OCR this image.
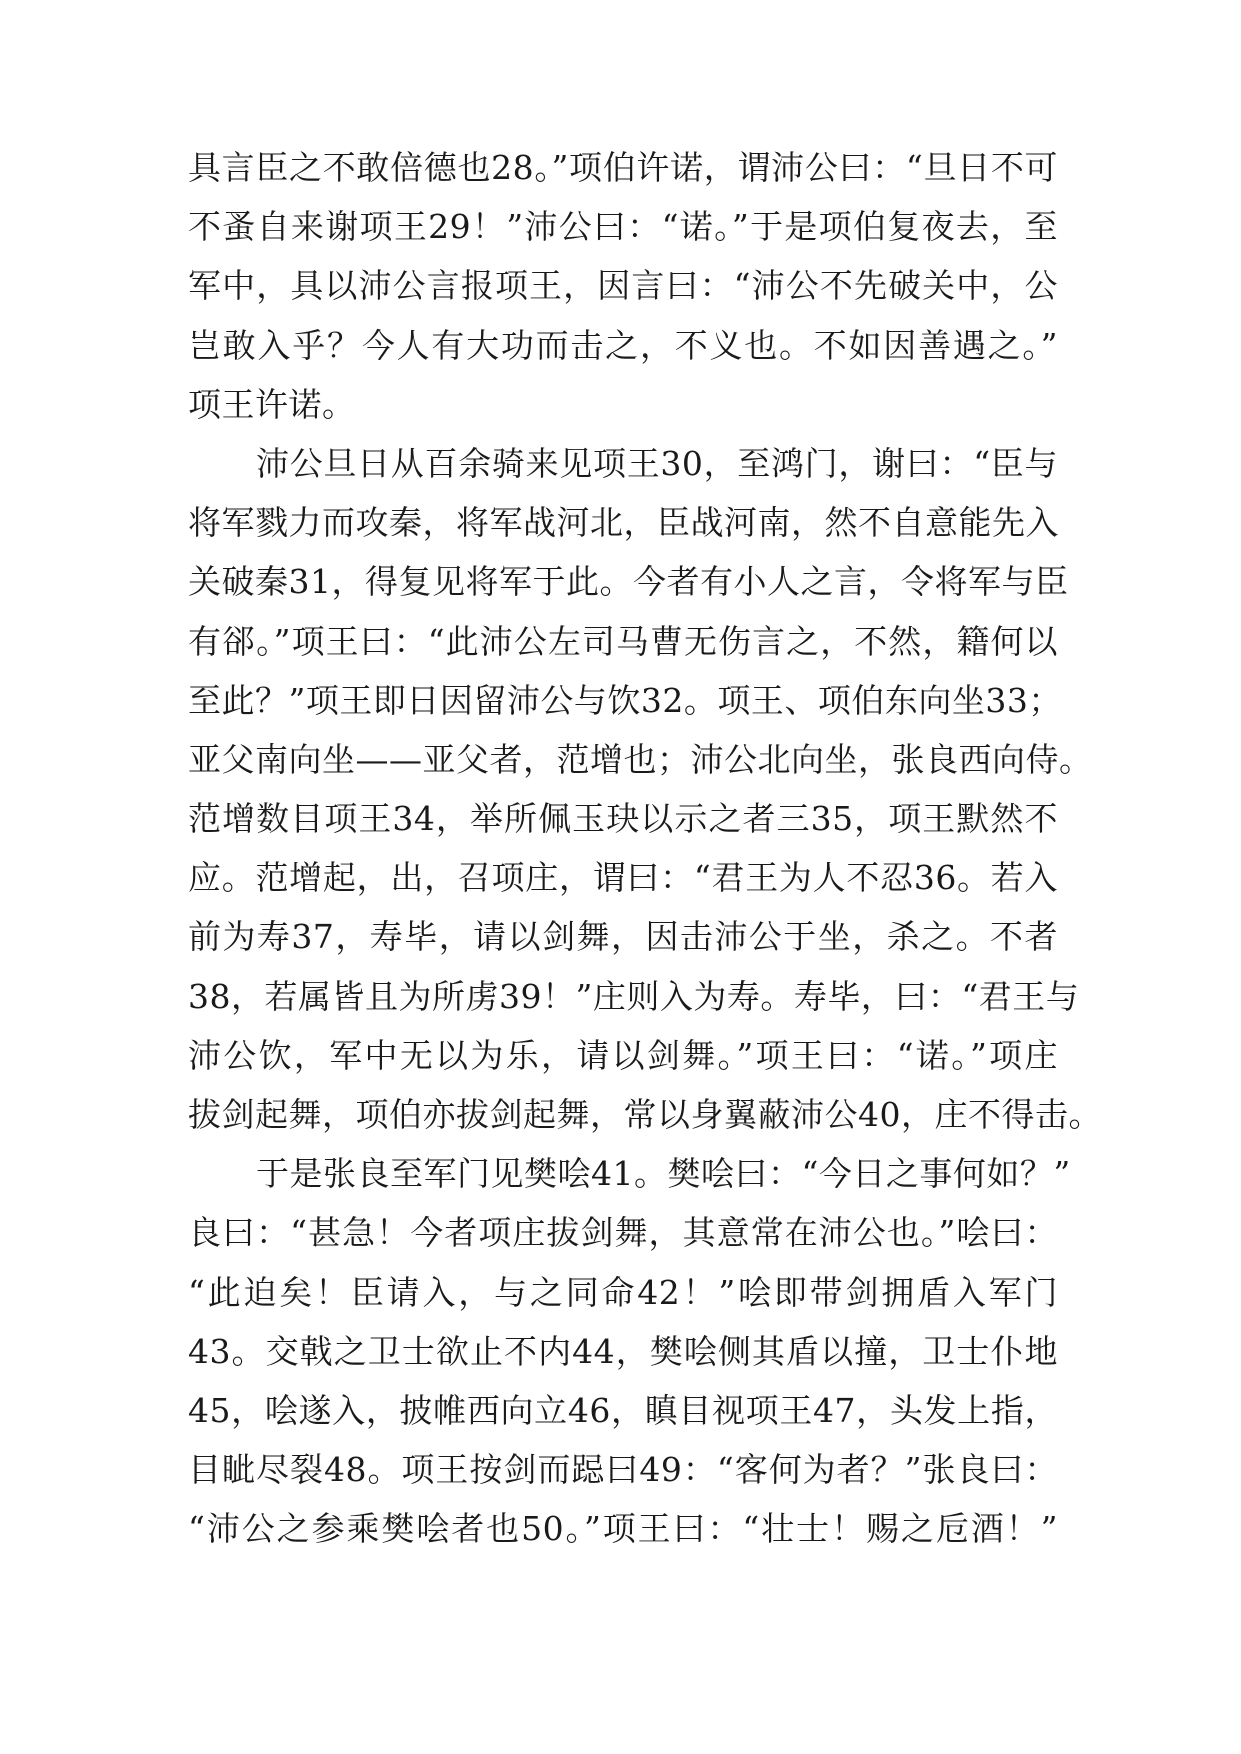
具言臣之不敢倍德也28。”项伯许诺，谓沛公曰：“旦日不可
不蚤自来谢项王29！”沛公曰：“诺。”于是项伯复夜去，至
军中，具以沛公言报项王，因言曰：“沛公不先破关中，公
岂敢入乎？今人有大功而击之，不义也。不如因善遇之。”
项王许诺。
沛公旦日从百余骑来见项王30，至鸿门，谢曰：“臣与
将军戮力而攻秦，将军战河北，臣战河南，然不自意能先入
关破秦31，得复见将军于此。今者有小人之言，令将军与臣
有郤。”项王曰：“此沛公左司马曹无伤言之，不然，籍何以
至此？”项王即日因留沛公与饮32。项王、项伯东向坐33；
亚父南向坐——亚父者，范增也；沛公北向坐，张良西向侍。
范增数目项王34，举所佩玉玦以示之者三35，项王默然不
应。范增起，出，召项庄，谓曰：“君王为人不忍36。若入
前为寿37，寿毕，请以剑舞，因击沛公于坐，杀之。不者
38，若属皆且为所虏39！”庄则入为寿。寿毕，曰：“君王与
沛公饮，军中无以为乐，请以剑舞。”项王曰：“诺。”项庄
拔剑起舞，项伯亦拔剑起舞，常以身翼蔽沛公40，庄不得击。
于是张良至军门见樊哙41。樊哙曰：“今日之事何如？”
良曰：“甚急！今者项庄拔剑舞，其意常在沛公也。”哙曰：
“此迫矣！臣请入，与之同命42！”哙即带剑拥盾入军门
43。交戟之卫士欲止不内44，樊哙侧其盾以撞，卫士仆地
45，哙遂入，披帷西向立46，瞋目视项王47，头发上指，
目眦尽裂48。项王按剑而跽曰49：“客何为者？”张良曰：
“沛公之参乘樊哙者也50。”项王曰：“壮士！赐之卮酒！”
